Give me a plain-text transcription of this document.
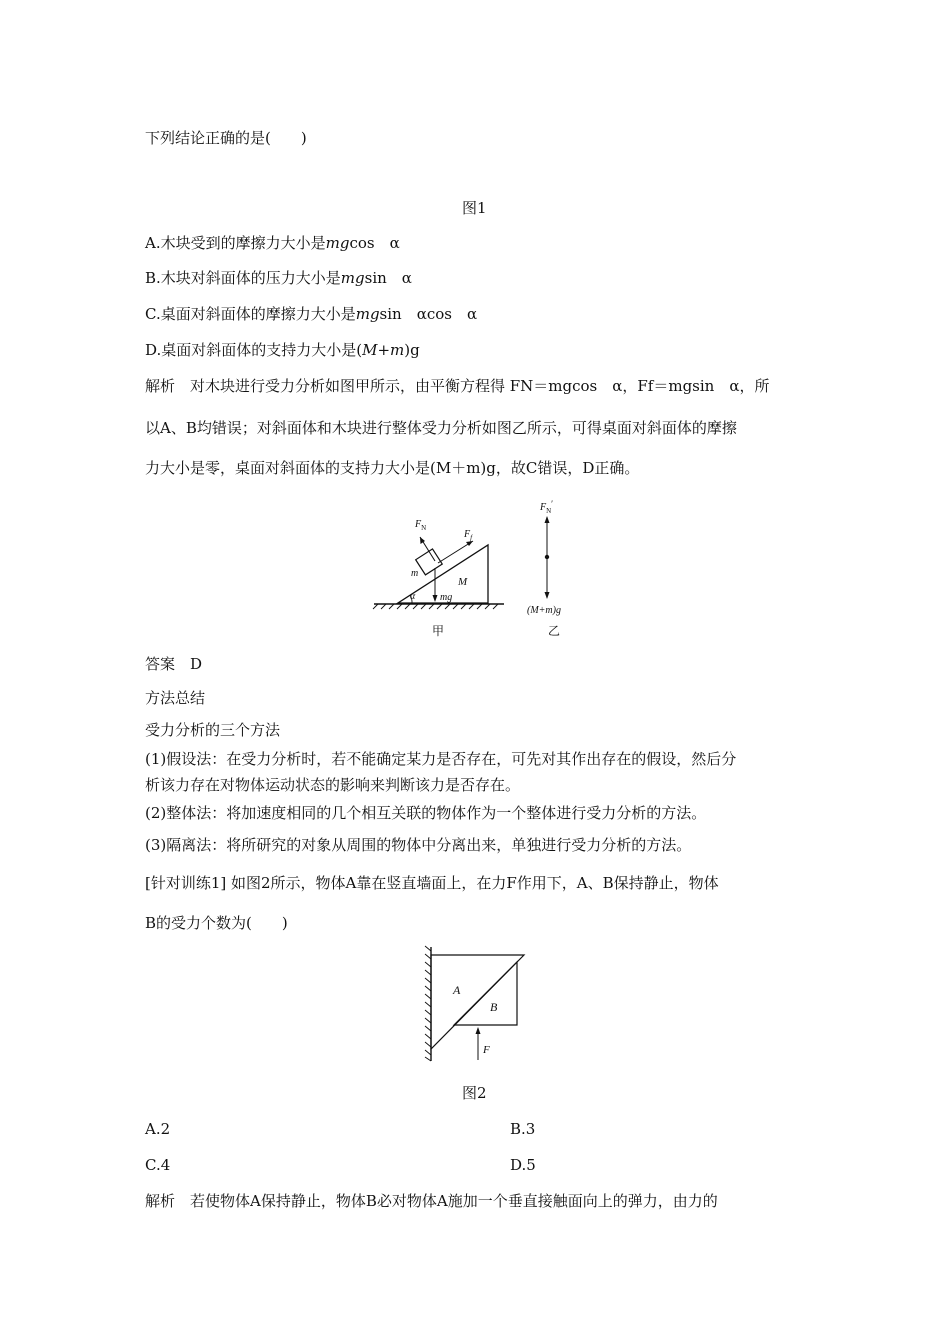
下列结论正确的是(　　)
图1
A.木块受到的摩擦力大小是mgcos　α
B.木块对斜面体的压力大小是mgsin　α
C.桌面对斜面体的摩擦力大小是mgsin　αcos　α
D.桌面对斜面体的支持力大小是(M+m)g
解析　对木块进行受力分析如图甲所示，由平衡方程得 FN＝mgcos　α，Ff＝mgsin　α，所
以A、B均错误；对斜面体和木块进行整体受力分析如图乙所示，可得桌面对斜面体的摩擦
力大小是零，桌面对斜面体的支持力大小是(M＋m)g，故C错误，D正确。
$F_N$
$F_f$
m
M
α mg
甲
$F_N'$
(M+m)g
乙
答案　D
方法总结
受力分析的三个方法
(1)假设法：在受力分析时，若不能确定某力是否存在，可先对其作出存在的假设，然后分
析该力存在对物体运动状态的影响来判断该力是否存在。
(2)整体法：将加速度相同的几个相互关联的物体作为一个整体进行受力分析的方法。
(3)隔离法：将所研究的对象从周围的物体中分离出来，单独进行受力分析的方法。
[针对训练1] 如图2所示，物体A靠在竖直墙面上，在力F作用下，A、B保持静止，物体
B的受力个数为(　　)
A
B
F
图2
A.2	B.3
C.4	D.5
解析　若使物体A保持静止，物体B必对物体A施加一个垂直接触面向上的弹力，由力的
